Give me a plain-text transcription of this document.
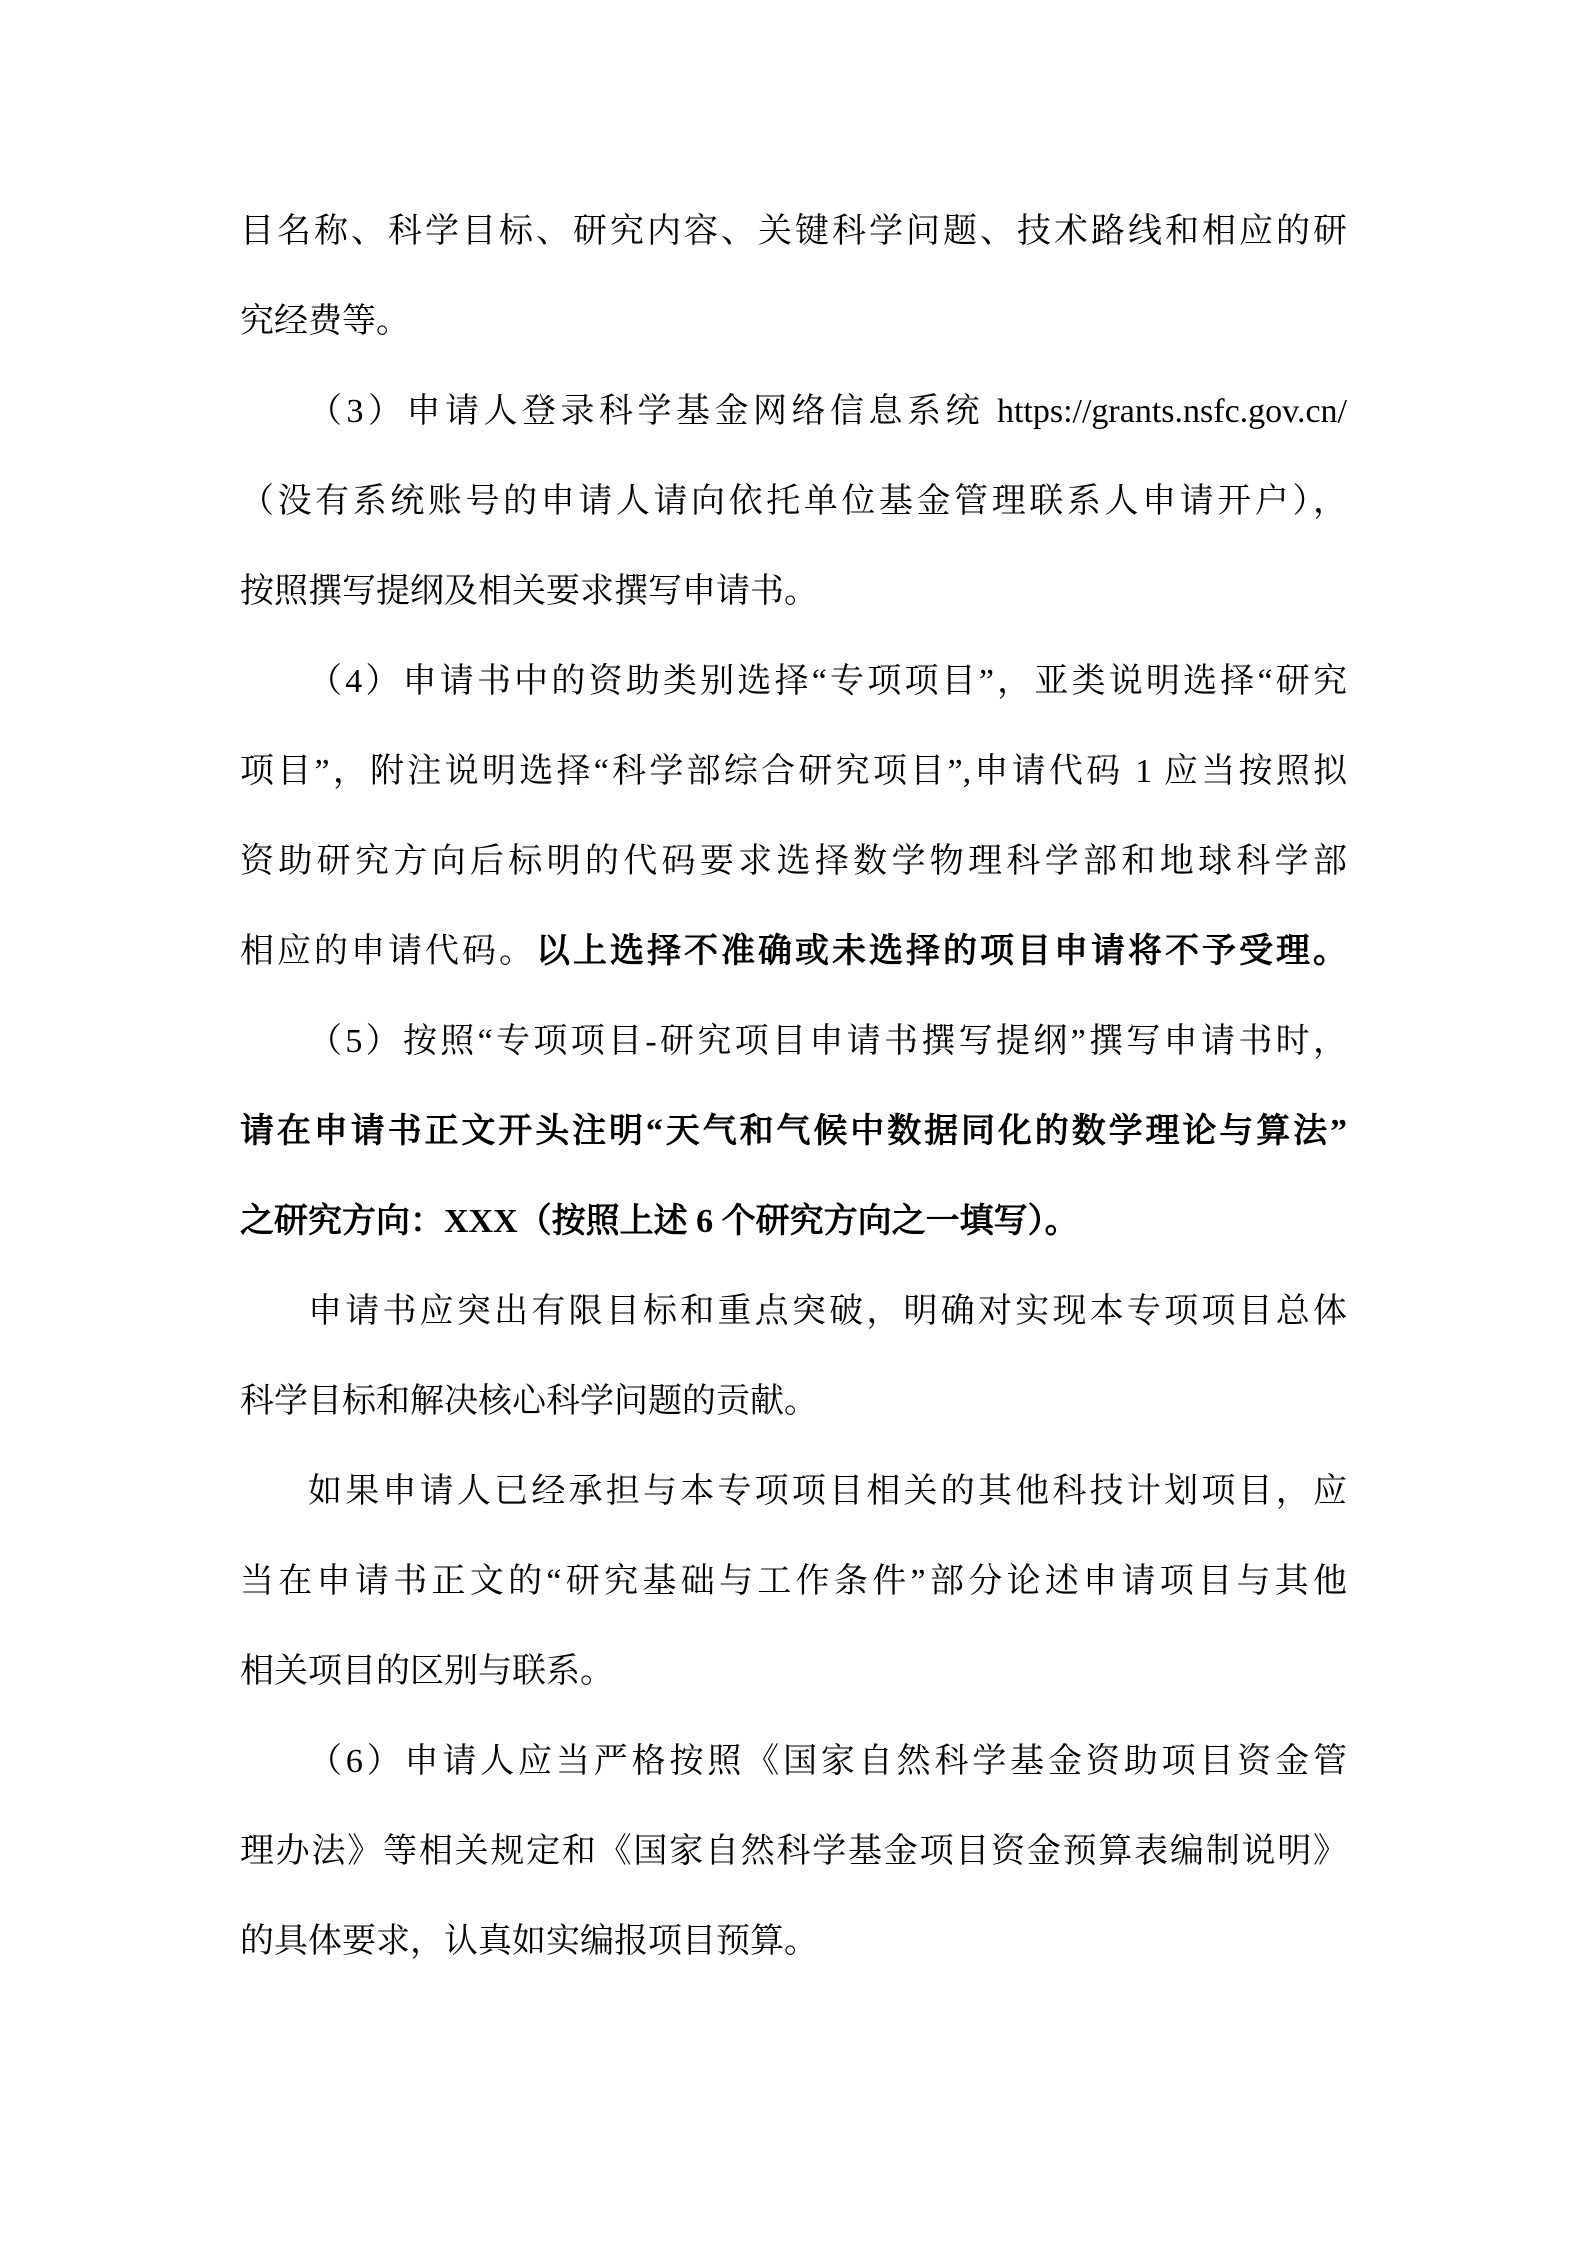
目名称、科学目标、研究内容、关键科学问题、技术路线和相应的研
究经费等。
（3）申请人登录科学基金网络信息系统 https://grants.nsfc.gov.cn/
（没有系统账号的申请人请向依托单位基金管理联系人申请开户），
按照撰写提纲及相关要求撰写申请书。
（4）申请书中的资助类别选择“专项项目”，亚类说明选择“研究
项目”，附注说明选择“科学部综合研究项目”,申请代码 1 应当按照拟
资助研究方向后标明的代码要求选择数学物理科学部和地球科学部
相应的申请代码。以上选择不准确或未选择的项目申请将不予受理。
（5）按照“专项项目-研究项目申请书撰写提纲”撰写申请书时，
请在申请书正文开头注明“天气和气候中数据同化的数学理论与算法”
之研究方向：XXX（按照上述 6 个研究方向之一填写）。
申请书应突出有限目标和重点突破，明确对实现本专项项目总体
科学目标和解决核心科学问题的贡献。
如果申请人已经承担与本专项项目相关的其他科技计划项目，应
当在申请书正文的“研究基础与工作条件”部分论述申请项目与其他
相关项目的区别与联系。
（6）申请人应当严格按照《国家自然科学基金资助项目资金管
理办法》等相关规定和《国家自然科学基金项目资金预算表编制说明》
的具体要求，认真如实编报项目预算。
